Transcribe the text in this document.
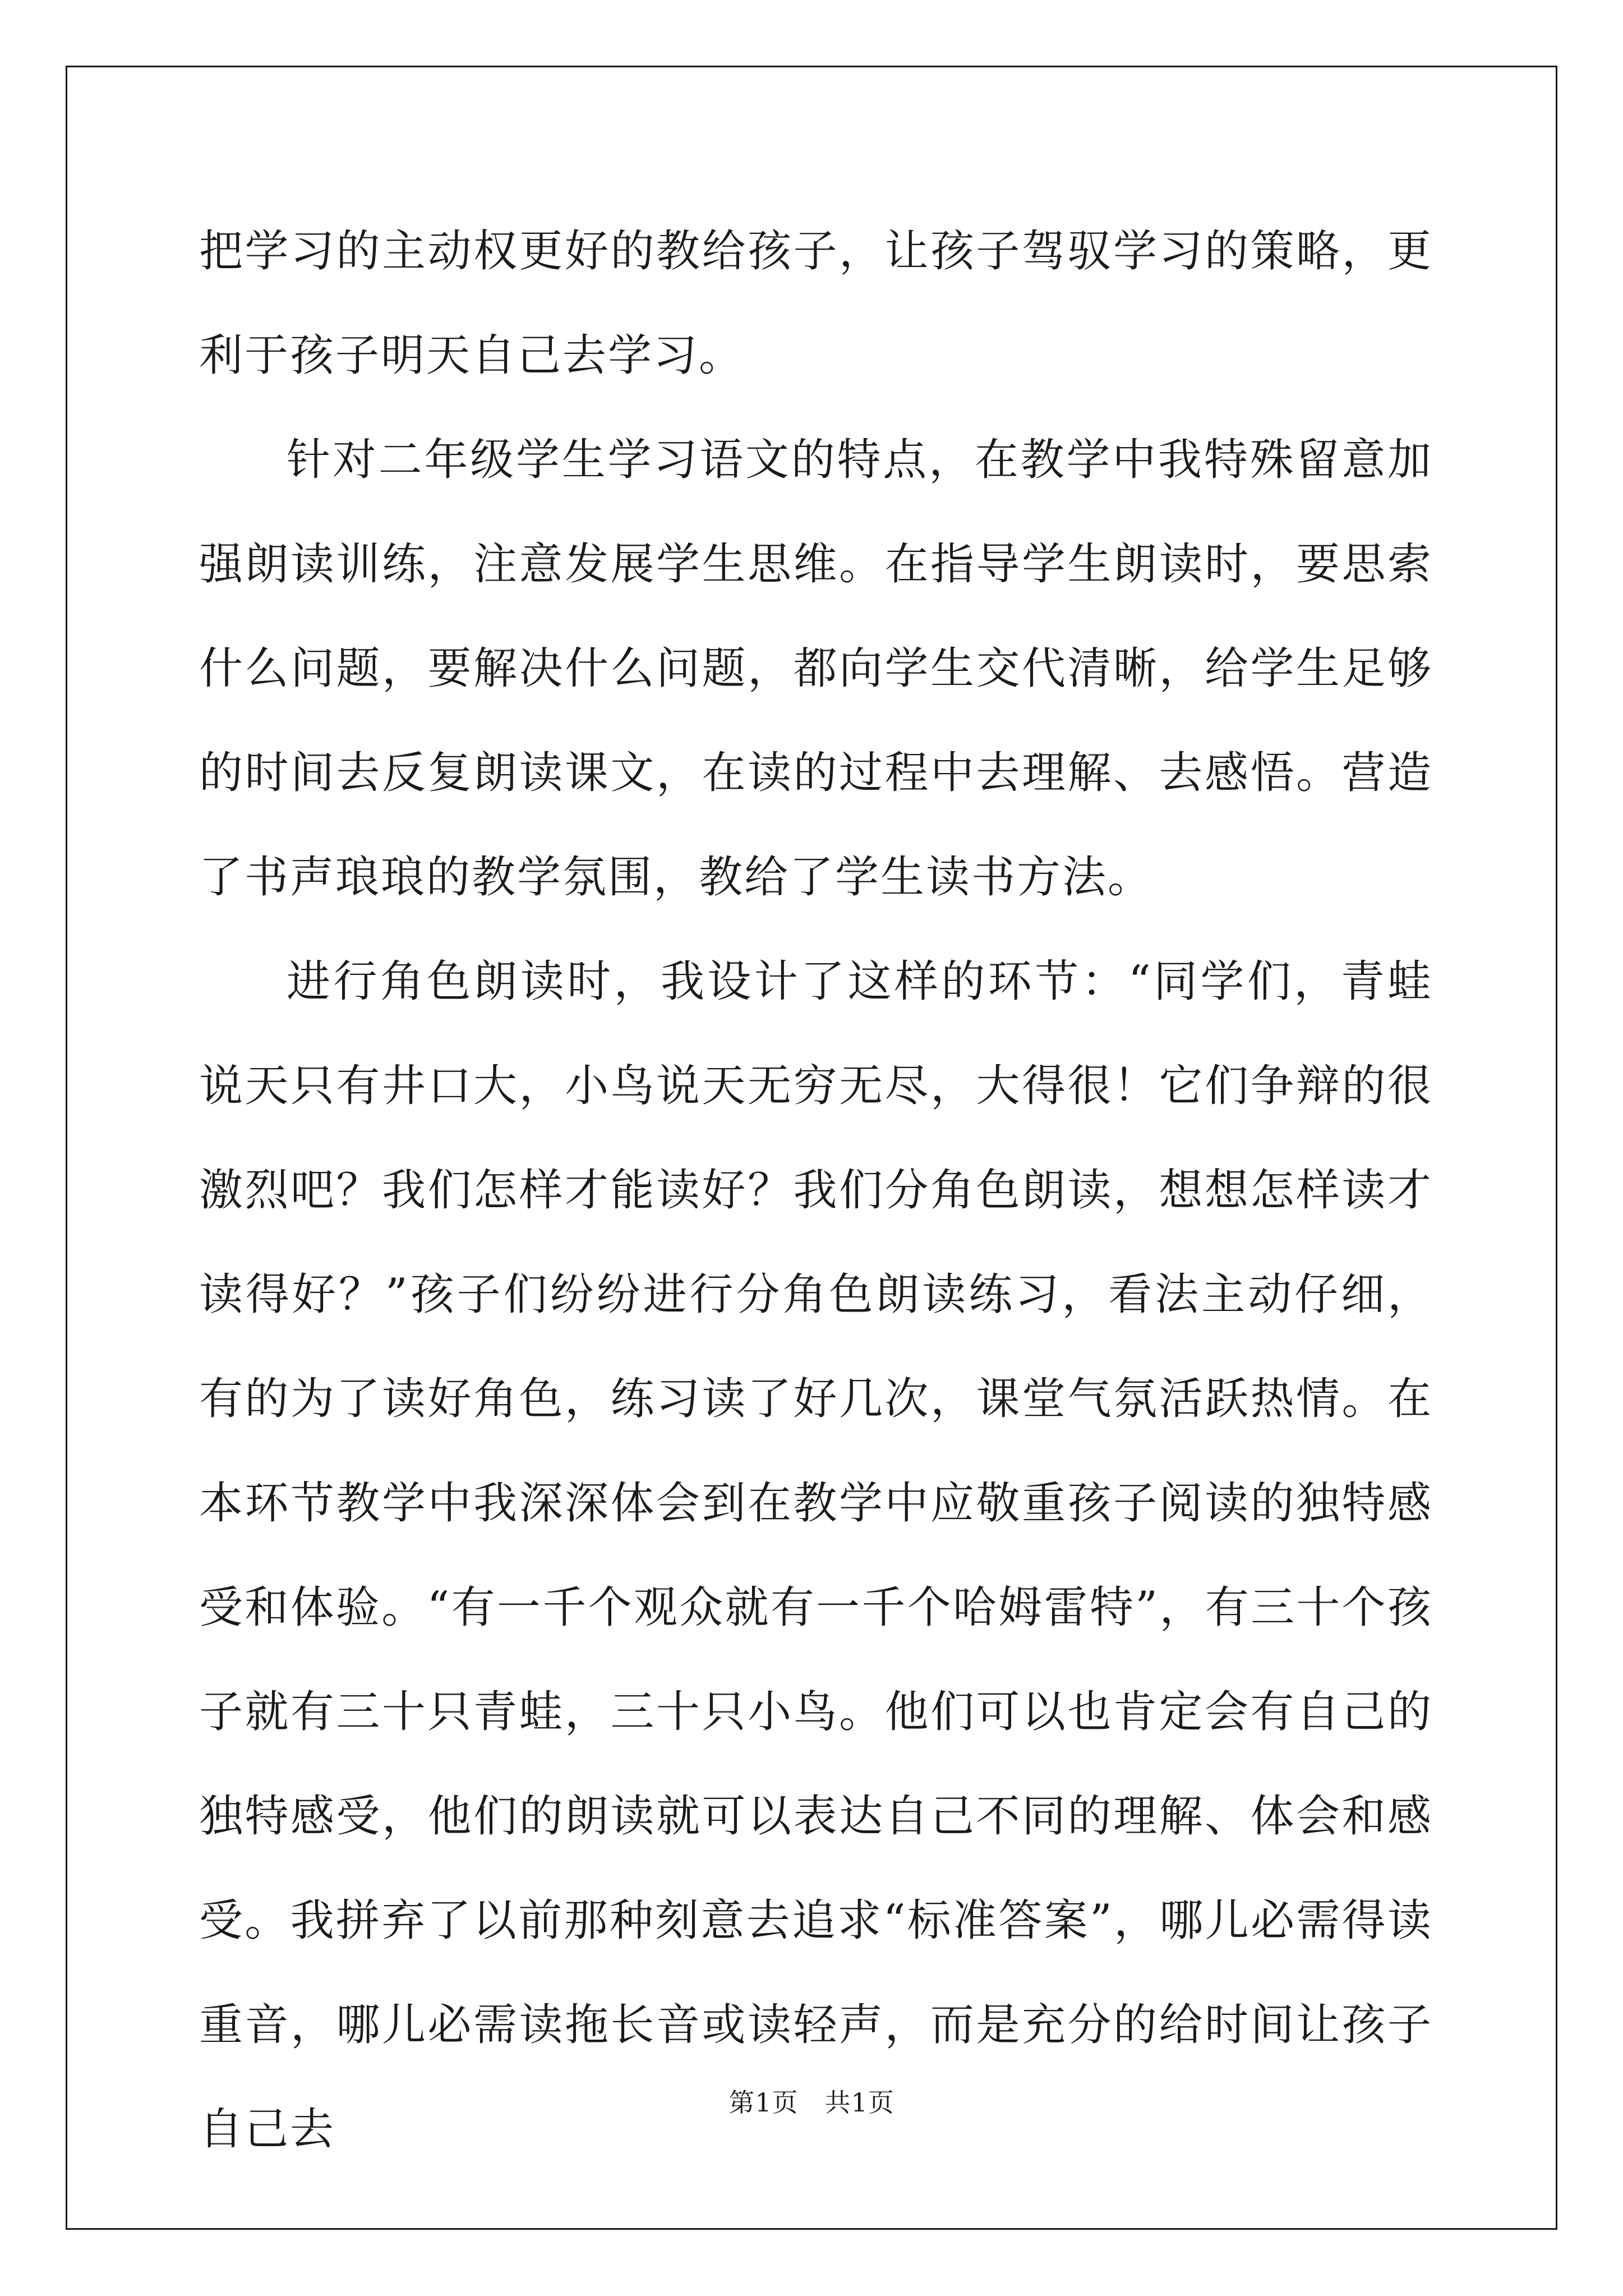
把学习的主动权更好的教给孩子，让孩子驾驭学习的策略，更利于孩子明天自己去学习。

针对二年级学生学习语文的特点，在教学中我特殊留意加强朗读训练，注意发展学生思维。在指导学生朗读时，要思索什么问题，要解决什么问题，都向学生交代清晰，给学生足够的时间去反复朗读课文，在读的过程中去理解、去感悟。营造了书声琅琅的教学氛围，教给了学生读书方法。

进行角色朗读时，我设计了这样的环节：“同学们，青蛙说天只有井口大，小鸟说天无穷无尽，大得很！它们争辩的很激烈吧？我们怎样才能读好？我们分角色朗读，想想怎样读才读得好？”孩子们纷纷进行分角色朗读练习，看法主动仔细，有的为了读好角色，练习读了好几次，课堂气氛活跃热情。在本环节教学中我深深体会到在教学中应敬重孩子阅读的独特感受和体验。“有一千个观众就有一千个哈姆雷特”，有三十个孩子就有三十只青蛙，三十只小鸟。他们可以也肯定会有自己的独特感受，他们的朗读就可以表达自己不同的理解、体会和感受。我拼弃了以前那种刻意去追求“标准答案”，哪儿必需得读重音，哪儿必需读拖长音或读轻声，而是充分的给时间让孩子自己去

第1页　共1页
